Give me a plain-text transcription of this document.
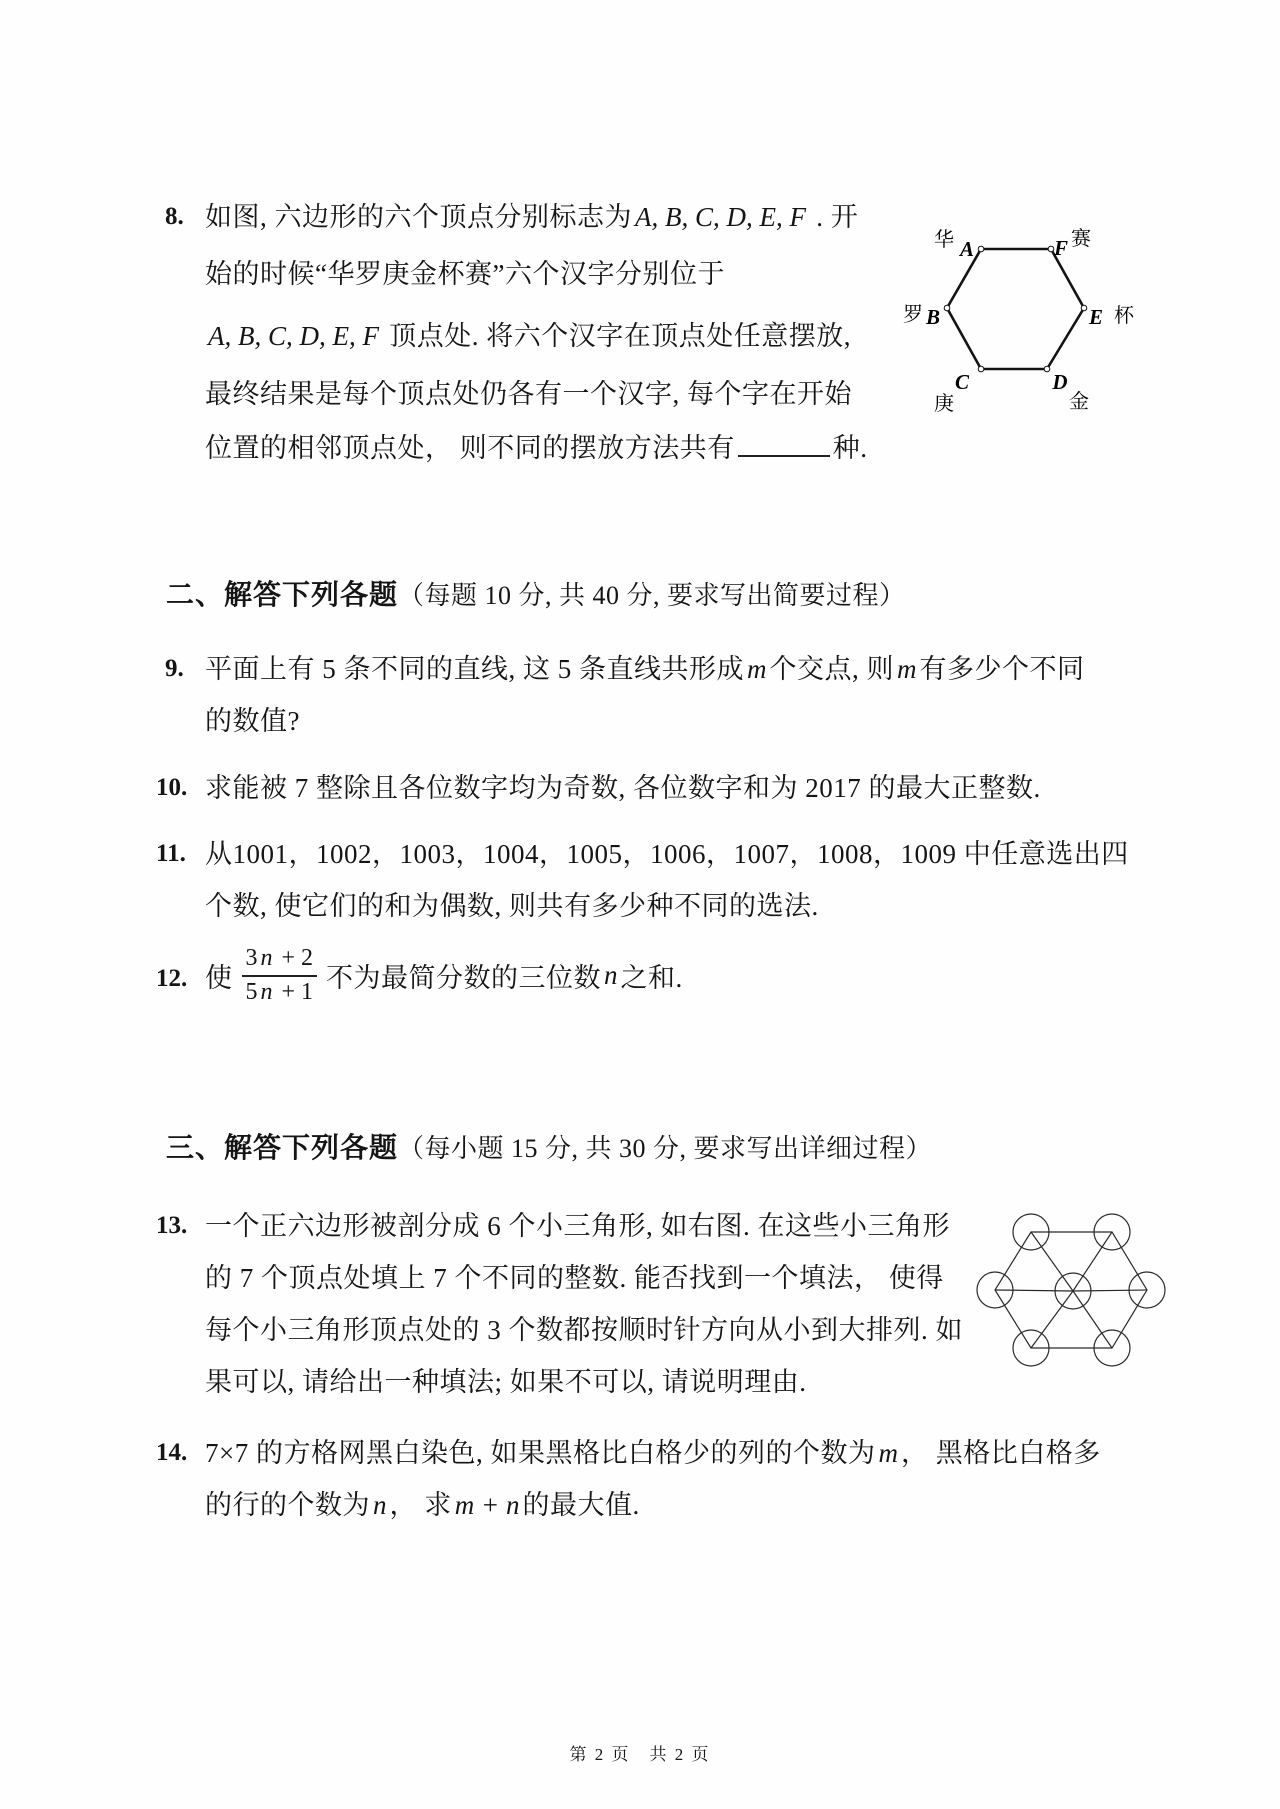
8. 如图, 六边形的六个顶点分别标志为 A, B, C, D, E, F . 开
始的时候“华罗庚金杯赛”六个汉字分别位于
A, B, C, D, E, F 顶点处. 将六个汉字在顶点处任意摆放,
最终结果是每个顶点处仍各有一个汉字, 每个字在开始
位置的相邻顶点处， 则不同的摆放方法共有	种.
A	F
B	E
C	D
华	赛
罗	杯
庚	金
二、解答下列各题（每题 10 分, 共 40 分, 要求写出简要过程）
9. 平面上有 5 条不同的直线, 这 5 条直线共形成 m 个交点, 则 m 有多少个不同
的数值?
10. 求能被 7 整除且各位数字均为奇数, 各位数字和为 2017 的最大正整数.
11. 从1001，1002，1003，1004，1005，1006，1007，1008，1009 中任意选出四
个数, 使它们的和为偶数, 则共有多少种不同的选法.
12. 使 $\frac{3 n + 2}{5 n + 1}$ 不为最简分数的三位数 n 之和.
三、解答下列各题（每小题 15 分, 共 30 分, 要求写出详细过程）
13. 一个正六边形被剖分成 6 个小三角形, 如右图. 在这些小三角形
的 7 个顶点处填上 7 个不同的整数. 能否找到一个填法， 使得
每个小三角形顶点处的 3 个数都按顺时针方向从小到大排列. 如
果可以, 请给出一种填法; 如果不可以, 请说明理由.
14. 7×7 的方格网黑白染色, 如果黑格比白格少的列的个数为 m ， 黑格比白格多
的行的个数为 n ， 求 m + n 的最大值.
第 2 页　共 2 页
